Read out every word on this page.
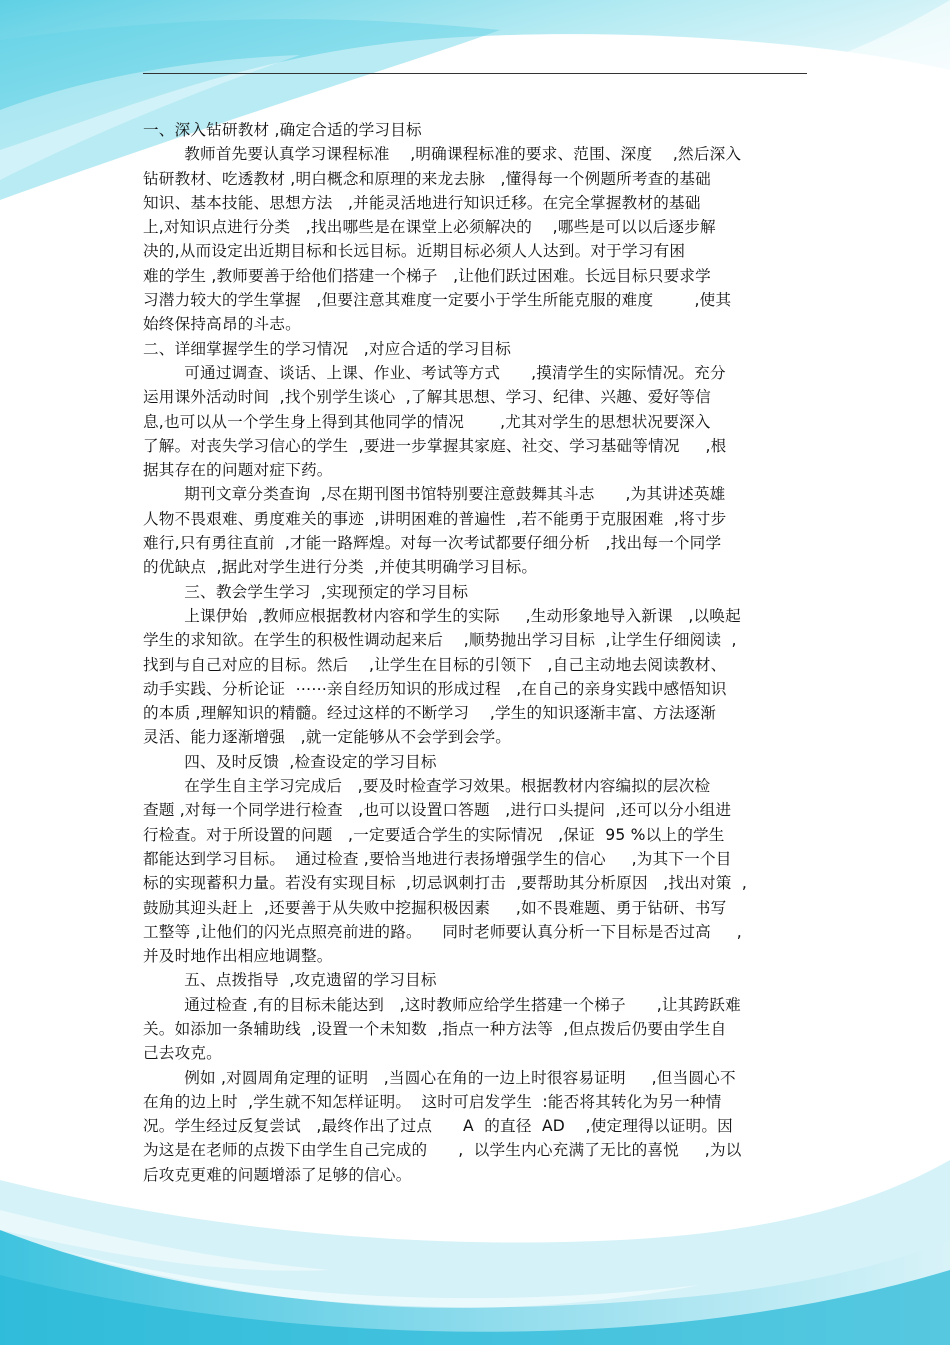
一、深入钻研教材 ,确定合适的学习目标
教师首先要认真学习课程标准    ,明确课程标准的要求、范围、深度    ,然后深入
钻研教材、吃透教材 ,明白概念和原理的来龙去脉   ,懂得每一个例题所考查的基础
知识、基本技能、思想方法   ,并能灵活地进行知识迁移。在完全掌握教材的基础
上,对知识点进行分类   ,找出哪些是在课堂上必须解决的    ,哪些是可以以后逐步解
决的,从而设定出近期目标和长远目标。近期目标必须人人达到。对于学习有困
难的学生 ,教师要善于给他们搭建一个梯子   ,让他们跃过困难。长远目标只要求学
习潜力较大的学生掌握   ,但要注意其难度一定要小于学生所能克服的难度        ,使其
始终保持高昂的斗志。
二、详细掌握学生的学习情况   ,对应合适的学习目标
可通过调查、谈话、上课、作业、考试等方式      ,摸清学生的实际情况。充分
运用课外活动时间  ,找个别学生谈心  ,了解其思想、学习、纪律、兴趣、爱好等信
息,也可以从一个学生身上得到其他同学的情况       ,尤其对学生的思想状况要深入
了解。对丧失学习信心的学生  ,要进一步掌握其家庭、社交、学习基础等情况     ,根
据其存在的问题对症下药。
期刊文章分类查询  ,尽在期刊图书馆特别要注意鼓舞其斗志      ,为其讲述英雄
人物不畏艰难、勇度难关的事迹  ,讲明困难的普遍性  ,若不能勇于克服困难  ,将寸步
难行,只有勇往直前  ,才能一路辉煌。对每一次考试都要仔细分析   ,找出每一个同学
的优缺点  ,据此对学生进行分类  ,并使其明确学习目标。
三、教会学生学习  ,实现预定的学习目标
上课伊始  ,教师应根据教材内容和学生的实际     ,生动形象地导入新课   ,以唤起
学生的求知欲。在学生的积极性调动起来后    ,顺势抛出学习目标  ,让学生仔细阅读  ,
找到与自己对应的目标。然后    ,让学生在目标的引领下   ,自己主动地去阅读教材、
动手实践、分析论证  ⋯⋯亲自经历知识的形成过程   ,在自己的亲身实践中感悟知识
的本质 ,理解知识的精髓。经过这样的不断学习    ,学生的知识逐渐丰富、方法逐渐
灵活、能力逐渐增强   ,就一定能够从不会学到会学。
四、及时反馈  ,检查设定的学习目标
在学生自主学习完成后   ,要及时检查学习效果。根据教材内容编拟的层次检
查题 ,对每一个同学进行检查   ,也可以设置口答题   ,进行口头提问  ,还可以分小组进
行检查。对于所设置的问题   ,一定要适合学生的实际情况   ,保证  95 %以上的学生
都能达到学习目标。  通过检查 ,要恰当地进行表扬增强学生的信心     ,为其下一个目
标的实现蓄积力量。若没有实现目标  ,切忌讽刺打击  ,要帮助其分析原因   ,找出对策  ,
鼓励其迎头赶上  ,还要善于从失败中挖掘积极因素     ,如不畏难题、勇于钻研、书写
工整等 ,让他们的闪光点照亮前进的路。    同时老师要认真分析一下目标是否过高     ,
并及时地作出相应地调整。
五、点拨指导  ,攻克遗留的学习目标
通过检查 ,有的目标未能达到   ,这时教师应给学生搭建一个梯子      ,让其跨跃难
关。如添加一条辅助线  ,设置一个未知数  ,指点一种方法等  ,但点拨后仍要由学生自
己去攻克。
例如 ,对圆周角定理的证明   ,当圆心在角的一边上时很容易证明     ,但当圆心不
在角的边上时  ,学生就不知怎样证明。  这时可启发学生  :能否将其转化为另一种情
况。学生经过反复尝试   ,最终作出了过点      A  的直径  AD    ,使定理得以证明。因
为这是在老师的点拨下由学生自己完成的      ,  以学生内心充满了无比的喜悦     ,为以
后攻克更难的问题增添了足够的信心。
